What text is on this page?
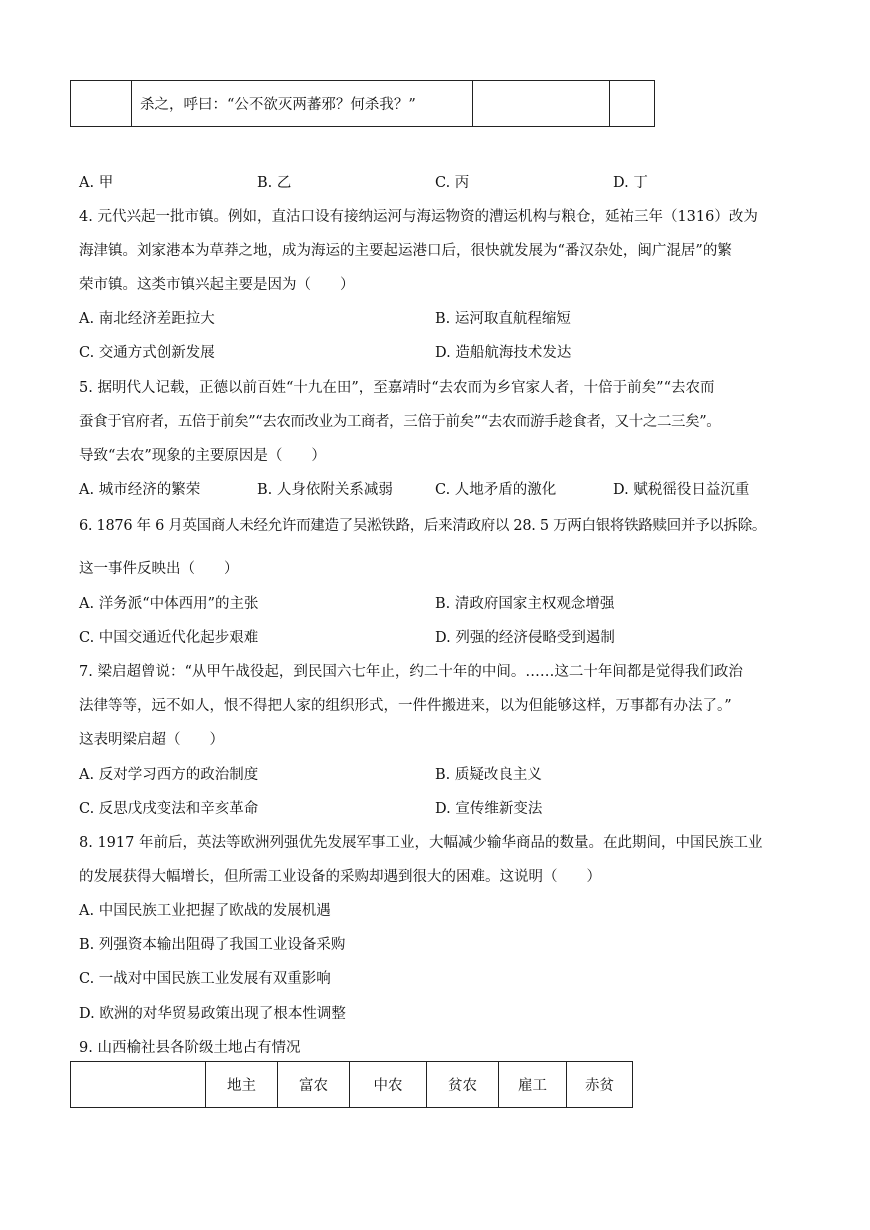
	杀之，呼曰：“公不欲灭两蕃邪？何杀我？”		
A. 甲	B. 乙	C. 丙	D. 丁
4. 元代兴起一批市镇。例如，直沽口设有接纳运河与海运物资的漕运机构与粮仓，延祐三年（1316）改为
海津镇。刘家港本为草莽之地，成为海运的主要起运港口后，很快就发展为“番汉杂处，闽广混居”的繁
荣市镇。这类市镇兴起主要是因为（　　）
A. 南北经济差距拉大	B. 运河取直航程缩短
C. 交通方式创新发展	D. 造船航海技术发达
5. 据明代人记载，正德以前百姓“十九在田”，至嘉靖时“去农而为乡官家人者，十倍于前矣”“去农而
蚕食于官府者，五倍于前矣”“去农而改业为工商者，三倍于前矣”“去农而游手趁食者，又十之二三矣”。
导致“去农”现象的主要原因是（　　）
A. 城市经济的繁荣	B. 人身依附关系减弱	C. 人地矛盾的激化	D. 赋税徭役日益沉重
6. 1876 年 6 月英国商人未经允许而建造了吴淞铁路，后来清政府以 28. 5 万两白银将铁路赎回并予以拆除。
这一事件反映出（　　）
A. 洋务派“中体西用”的主张	B. 清政府国家主权观念增强
C. 中国交通近代化起步艰难	D. 列强的经济侵略受到遏制
7. 梁启超曾说：“从甲午战役起，到民国六七年止，约二十年的中间。……这二十年间都是觉得我们政治
法律等等，远不如人，恨不得把人家的组织形式，一件件搬进来，以为但能够这样，万事都有办法了。”
这表明梁启超（　　）
A. 反对学习西方的政治制度	B. 质疑改良主义
C. 反思戊戌变法和辛亥革命	D. 宣传维新变法
8. 1917 年前后，英法等欧洲列强优先发展军事工业，大幅减少输华商品的数量。在此期间，中国民族工业
的发展获得大幅增长，但所需工业设备的采购却遇到很大的困难。这说明（　　）
A. 中国民族工业把握了欧战的发展机遇
B. 列强资本输出阻碍了我国工业设备采购
C. 一战对中国民族工业发展有双重影响
D. 欧洲的对华贸易政策出现了根本性调整
9. 山西榆社县各阶级土地占有情况
	地主	富农	中农	贫农	雇工	赤贫
